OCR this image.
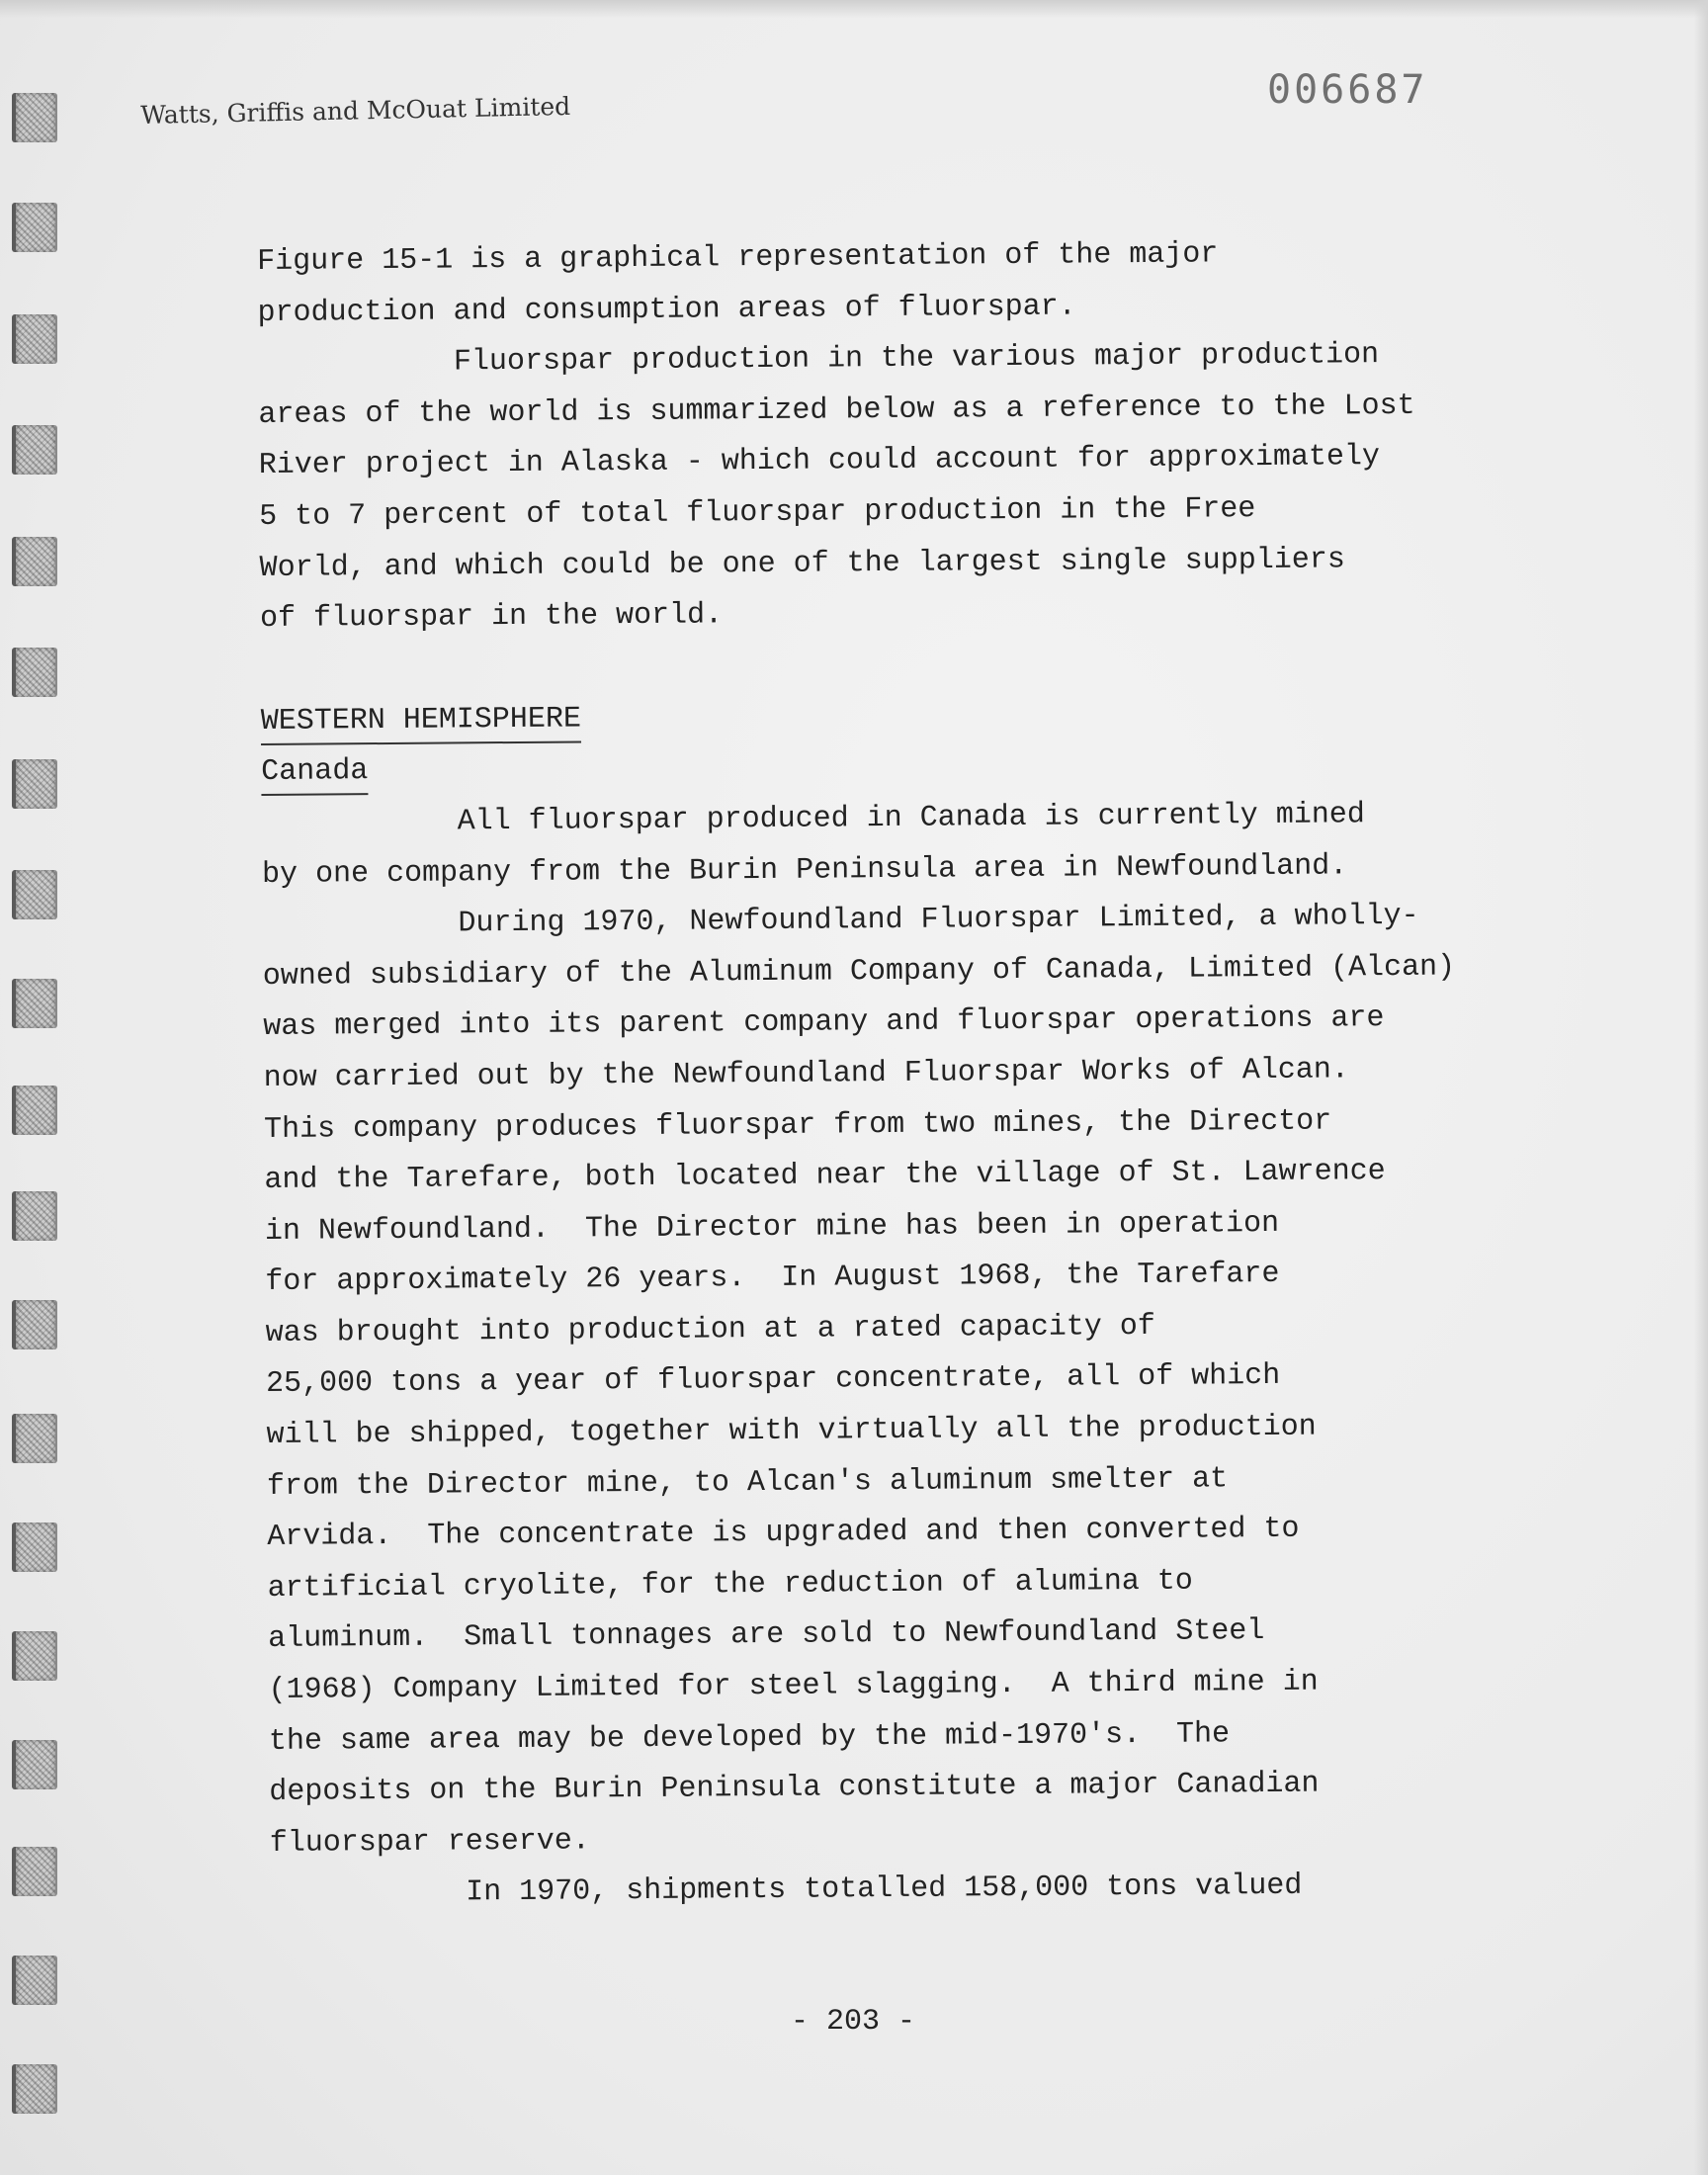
Watts, Griffis and McOuat Limited	006687
Figure 15-1 is a graphical representation of the major
production and consumption areas of fluorspar.
Fluorspar production in the various major production
areas of the world is summarized below as a reference to the Lost
River project in Alaska - which could account for approximately
5 to 7 percent of total fluorspar production in the Free
World, and which could be one of the largest single suppliers
of fluorspar in the world.
WESTERN HEMISPHERE
Canada
All fluorspar produced in Canada is currently mined
by one company from the Burin Peninsula area in Newfoundland.
During 1970, Newfoundland Fluorspar Limited, a wholly-
owned subsidiary of the Aluminum Company of Canada, Limited (Alcan)
was merged into its parent company and fluorspar operations are
now carried out by the Newfoundland Fluorspar Works of Alcan.
This company produces fluorspar from two mines, the Director
and the Tarefare, both located near the village of St. Lawrence
in Newfoundland.  The Director mine has been in operation
for approximately 26 years.  In August 1968, the Tarefare
was brought into production at a rated capacity of
25,000 tons a year of fluorspar concentrate, all of which
will be shipped, together with virtually all the production
from the Director mine, to Alcan's aluminum smelter at
Arvida.  The concentrate is upgraded and then converted to
artificial cryolite, for the reduction of alumina to
aluminum.  Small tonnages are sold to Newfoundland Steel
(1968) Company Limited for steel slagging.  A third mine in
the same area may be developed by the mid-1970's.  The
deposits on the Burin Peninsula constitute a major Canadian
fluorspar reserve.
In 1970, shipments totalled 158,000 tons valued
- 203 -
